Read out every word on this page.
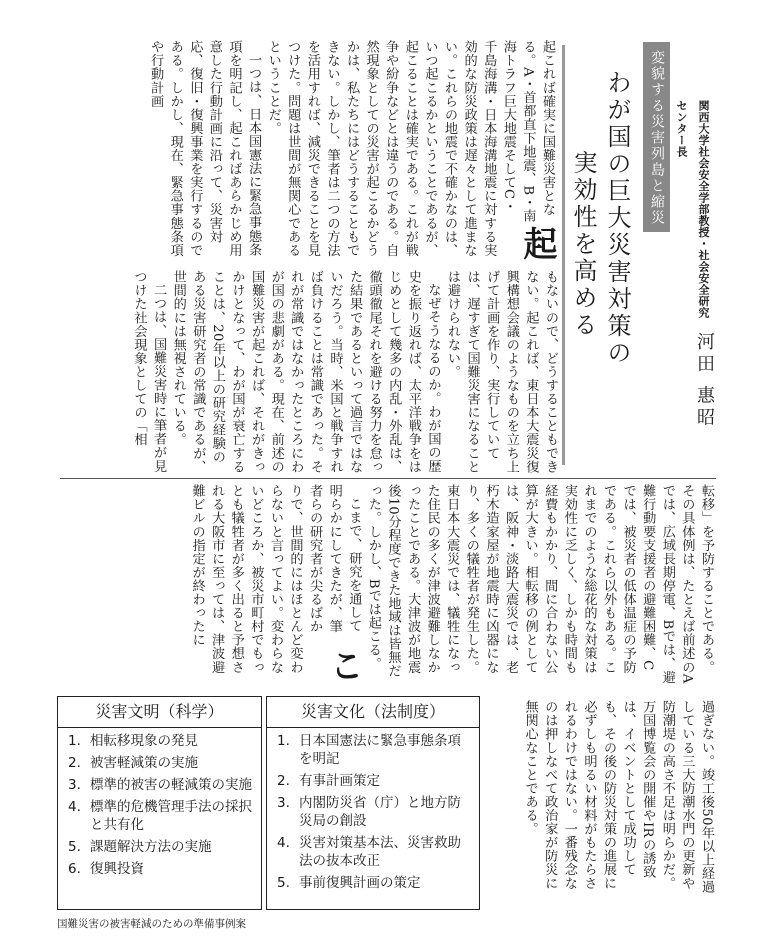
変貌する災害列島と縮災 80
わが国の巨大災害対策の
実効性を高める	関西大学社会安全学部教授・社会安全研究センター長
河田 惠昭

起
起これば確実に国難災害となる。A・首都直下地震、B・南海トラフ巨大地震そしてC・千島海溝・日本海溝地震に対する実効的な防災政策は遅々として進まない。これらの地震で不確かなのは、いつ起こるかということであるが、起こることは確実である。これが戦争や紛争などとは違うのである。自然現象としての災害が起こるかどうかは、私たちにはどうすることもできない。しかし、筆者は二つの方法を活用すれば、減災できることを見つけた。問題は世間が無関心であるということだ。

一つは、日本国憲法に緊急事態条項を明記し、起こればあらかじめ用意した行動計画に沿って、災害対応、復旧・復興事業を実行するのである。しかし、現在、緊急事態条項や行動計画

もないので、どうすることもできない。起これば、東日本大震災復興構想会議のようなものを立ち上げて計画を作り、実行していては、遅すぎて国難災害になることは避けられない。

なぜそうなるのか。わが国の歴史を振り返れば、太平洋戦争をはじめとして幾多の内乱・外乱は、徹頭徹尾それを避ける努力を怠った結果であるといって過言ではないだろう。当時、米国と戦争すれば負けることは常識であった。それが常識ではなかったところにわが国の悲劇がある。現在、前述の国難災害が起これば、それがきっかけとなって、わが国が衰亡することは、20年以上の研究経験のある災害研究者の常識であるが、世間的には無視されている。

二つは、国難災害時に筆者が見つけた社会現象としての「相

転移」を予防することである。その具体例は、たとえば前述のAでは、広域長期停電、Bでは、避難行動要支援者の避難困難、Cでは、被災者の低体温症の予防である。これら以外もある。これまでのような総花的な対策は実効性に乏しく、しかも時間も経費もかかり、間に合わない公算が大きい。相転移の例としては、阪神・淡路大震災では、老朽木造家屋が地震時に凶器になり、多くの犠牲者が発生した。東日本大震災では、犠牲になった住民の多くが津波避難しなかったことである。大津波が地震後10分程度できた地域は皆無だった。しかし、Bでは起こる。

こ
こまで、研究を通して明らかにしてきたが、筆者らの研究者が尖るばかりで、世間的にはほとんど変わらないと言ってよい。変わらないどころか、被災市町村でもっとも犠牲者が多く出ると予想される大阪市に至っては、津波避難ビルの指定が終わったに

過ぎない。竣工後50年以上経過している三大防潮水門の更新や防潮堤の高さ不足は明らかだ。万国博覧会の開催やIRの誘致は、イベントとして成功しても、その後の防災対策の進展に必ずしも明るい材料がもたらされるわけではない。一番残念なのは押しなべて政治家が防災に無関心なことである。

災害文明（科学）
1. 相転移現象の発見
2. 被害軽減策の実施
3. 標準的被害の軽減策の実施
4. 標準的危機管理手法の採択と共有化
5. 課題解決方法の実施
6. 復興投資
災害文化（法制度）
1. 日本国憲法に緊急事態条項を明記
2. 有事計画策定
3. 内閣防災省（庁）と地方防災局の創設
4. 災害対策基本法、災害救助法の抜本改正
5. 事前復興計画の策定
国難災害の被害軽減のための準備事例案
